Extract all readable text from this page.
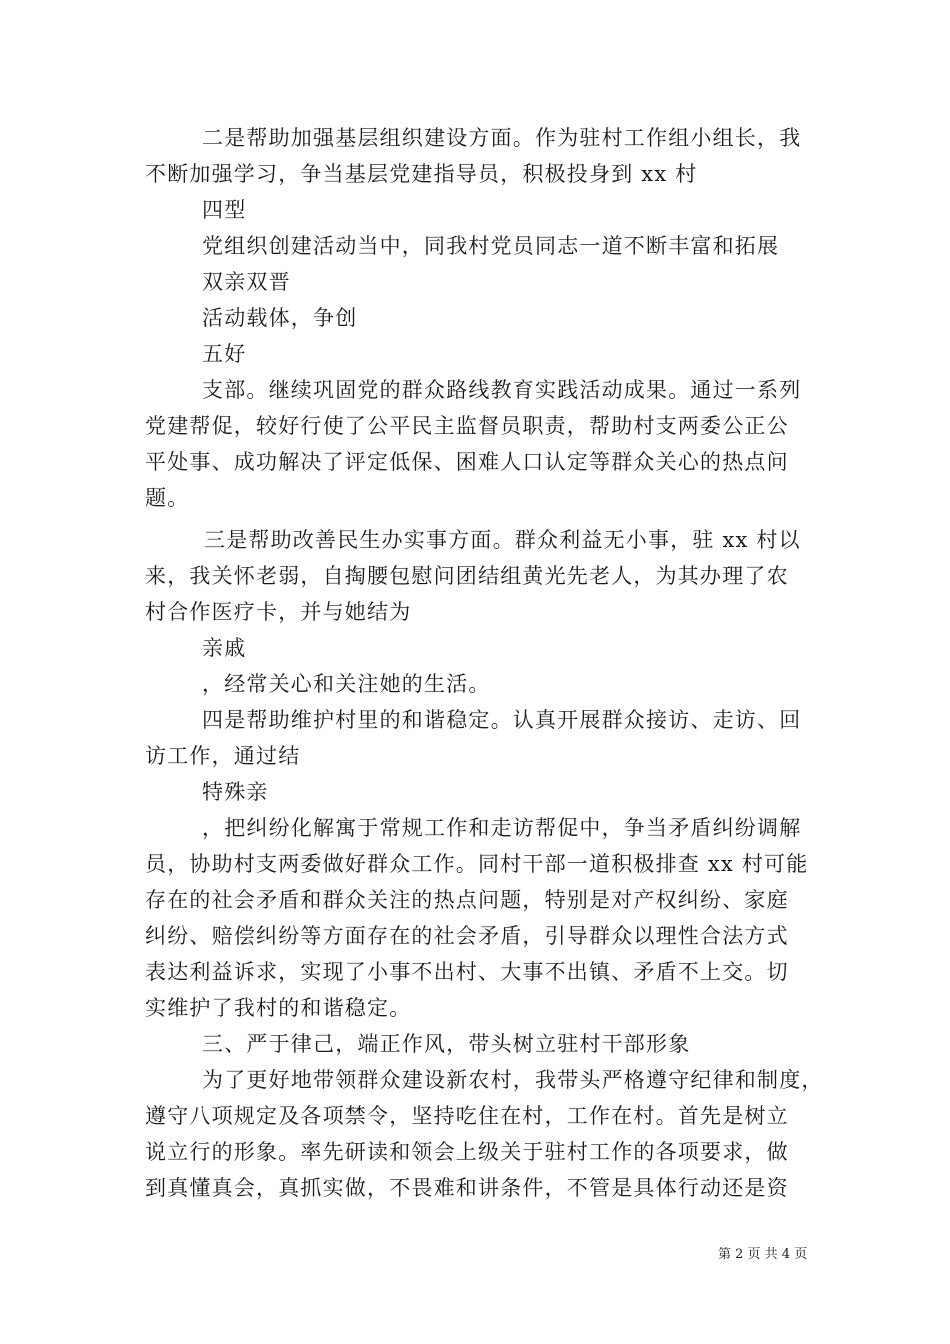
二是帮助加强基层组织建设方面。作为驻村工作组小组长，我
不断加强学习，争当基层党建指导员，积极投身到 xx 村
四型
党组织创建活动当中，同我村党员同志一道不断丰富和拓展
双亲双晋
活动载体，争创
五好
支部。继续巩固党的群众路线教育实践活动成果。通过一系列
党建帮促，较好行使了公平民主监督员职责，帮助村支两委公正公
平处事、成功解决了评定低保、困难人口认定等群众关心的热点问
题。
三是帮助改善民生办实事方面。群众利益无小事，驻 xx 村以
来，我关怀老弱，自掏腰包慰问团结组黄光先老人，为其办理了农
村合作医疗卡，并与她结为
亲戚
，经常关心和关注她的生活。
四是帮助维护村里的和谐稳定。认真开展群众接访、走访、回
访工作，通过结
特殊亲
，把纠纷化解寓于常规工作和走访帮促中，争当矛盾纠纷调解
员，协助村支两委做好群众工作。同村干部一道积极排查 xx 村可能
存在的社会矛盾和群众关注的热点问题，特别是对产权纠纷、家庭
纠纷、赔偿纠纷等方面存在的社会矛盾，引导群众以理性合法方式
表达利益诉求，实现了小事不出村、大事不出镇、矛盾不上交。切
实维护了我村的和谐稳定。
三、严于律己，端正作风，带头树立驻村干部形象
为了更好地带领群众建设新农村，我带头严格遵守纪律和制度，
遵守八项规定及各项禁令，坚持吃住在村，工作在村。首先是树立
说立行的形象。率先研读和领会上级关于驻村工作的各项要求，做
到真懂真会，真抓实做，不畏难和讲条件，不管是具体行动还是资
第 2 页 共 4 页
